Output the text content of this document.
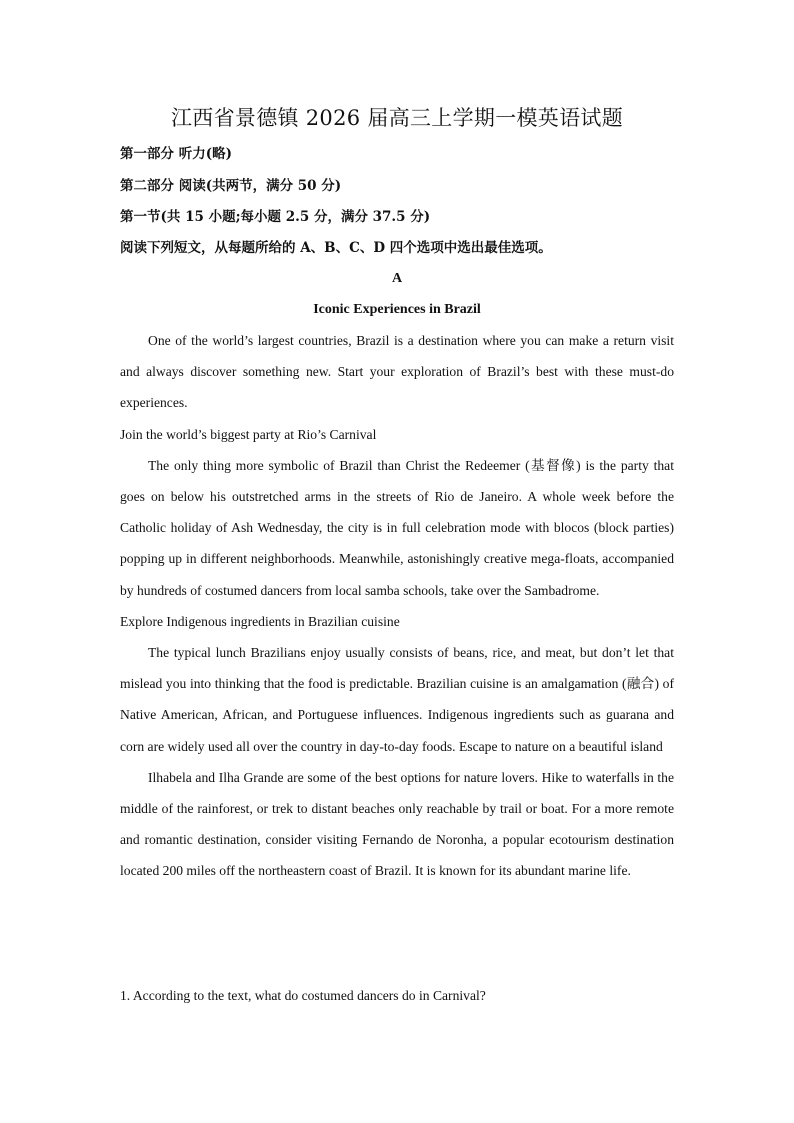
江西省景德镇 2026 届高三上学期一模英语试题
第一部分 听力(略)
第二部分 阅读(共两节，满分 50 分)
第一节(共 15 小题;每小题 2.5 分，满分 37.5 分)
阅读下列短文，从每题所给的 A、B、C、D 四个选项中选出最佳选项。
A
Iconic Experiences in Brazil

One of the world’s largest countries, Brazil is a destination where you can make a return visit and always discover something new. Start your exploration of Brazil’s best with these must-do experiences.

Join the world’s biggest party at Rio’s Carnival

The only thing more symbolic of Brazil than Christ the Redeemer (基督像) is the party that goes on below his outstretched arms in the streets of Rio de Janeiro. A whole week before the Catholic holiday of Ash Wednesday, the city is in full celebration mode with blocos (block parties) popping up in different neighborhoods. Meanwhile, astonishingly creative mega-floats, accompanied by hundreds of costumed dancers from local samba schools, take over the Sambadrome.

Explore Indigenous ingredients in Brazilian cuisine

The typical lunch Brazilians enjoy usually consists of beans, rice, and meat, but don’t let that mislead you into thinking that the food is predictable. Brazilian cuisine is an amalgamation (融合) of Native American, African, and Portuguese influences. Indigenous ingredients such as guarana and corn are widely used all over the country in day-to-day foods. Escape to nature on a beautiful island

Ilhabela and Ilha Grande are some of the best options for nature lovers. Hike to waterfalls in the middle of the rainforest, or trek to distant beaches only reachable by trail or boat. For a more remote and romantic destination, consider visiting Fernando de Noronha, a popular ecotourism destination located 200 miles off the northeastern coast of Brazil. It is known for its abundant marine life.

1. According to the text, what do costumed dancers do in Carnival?
